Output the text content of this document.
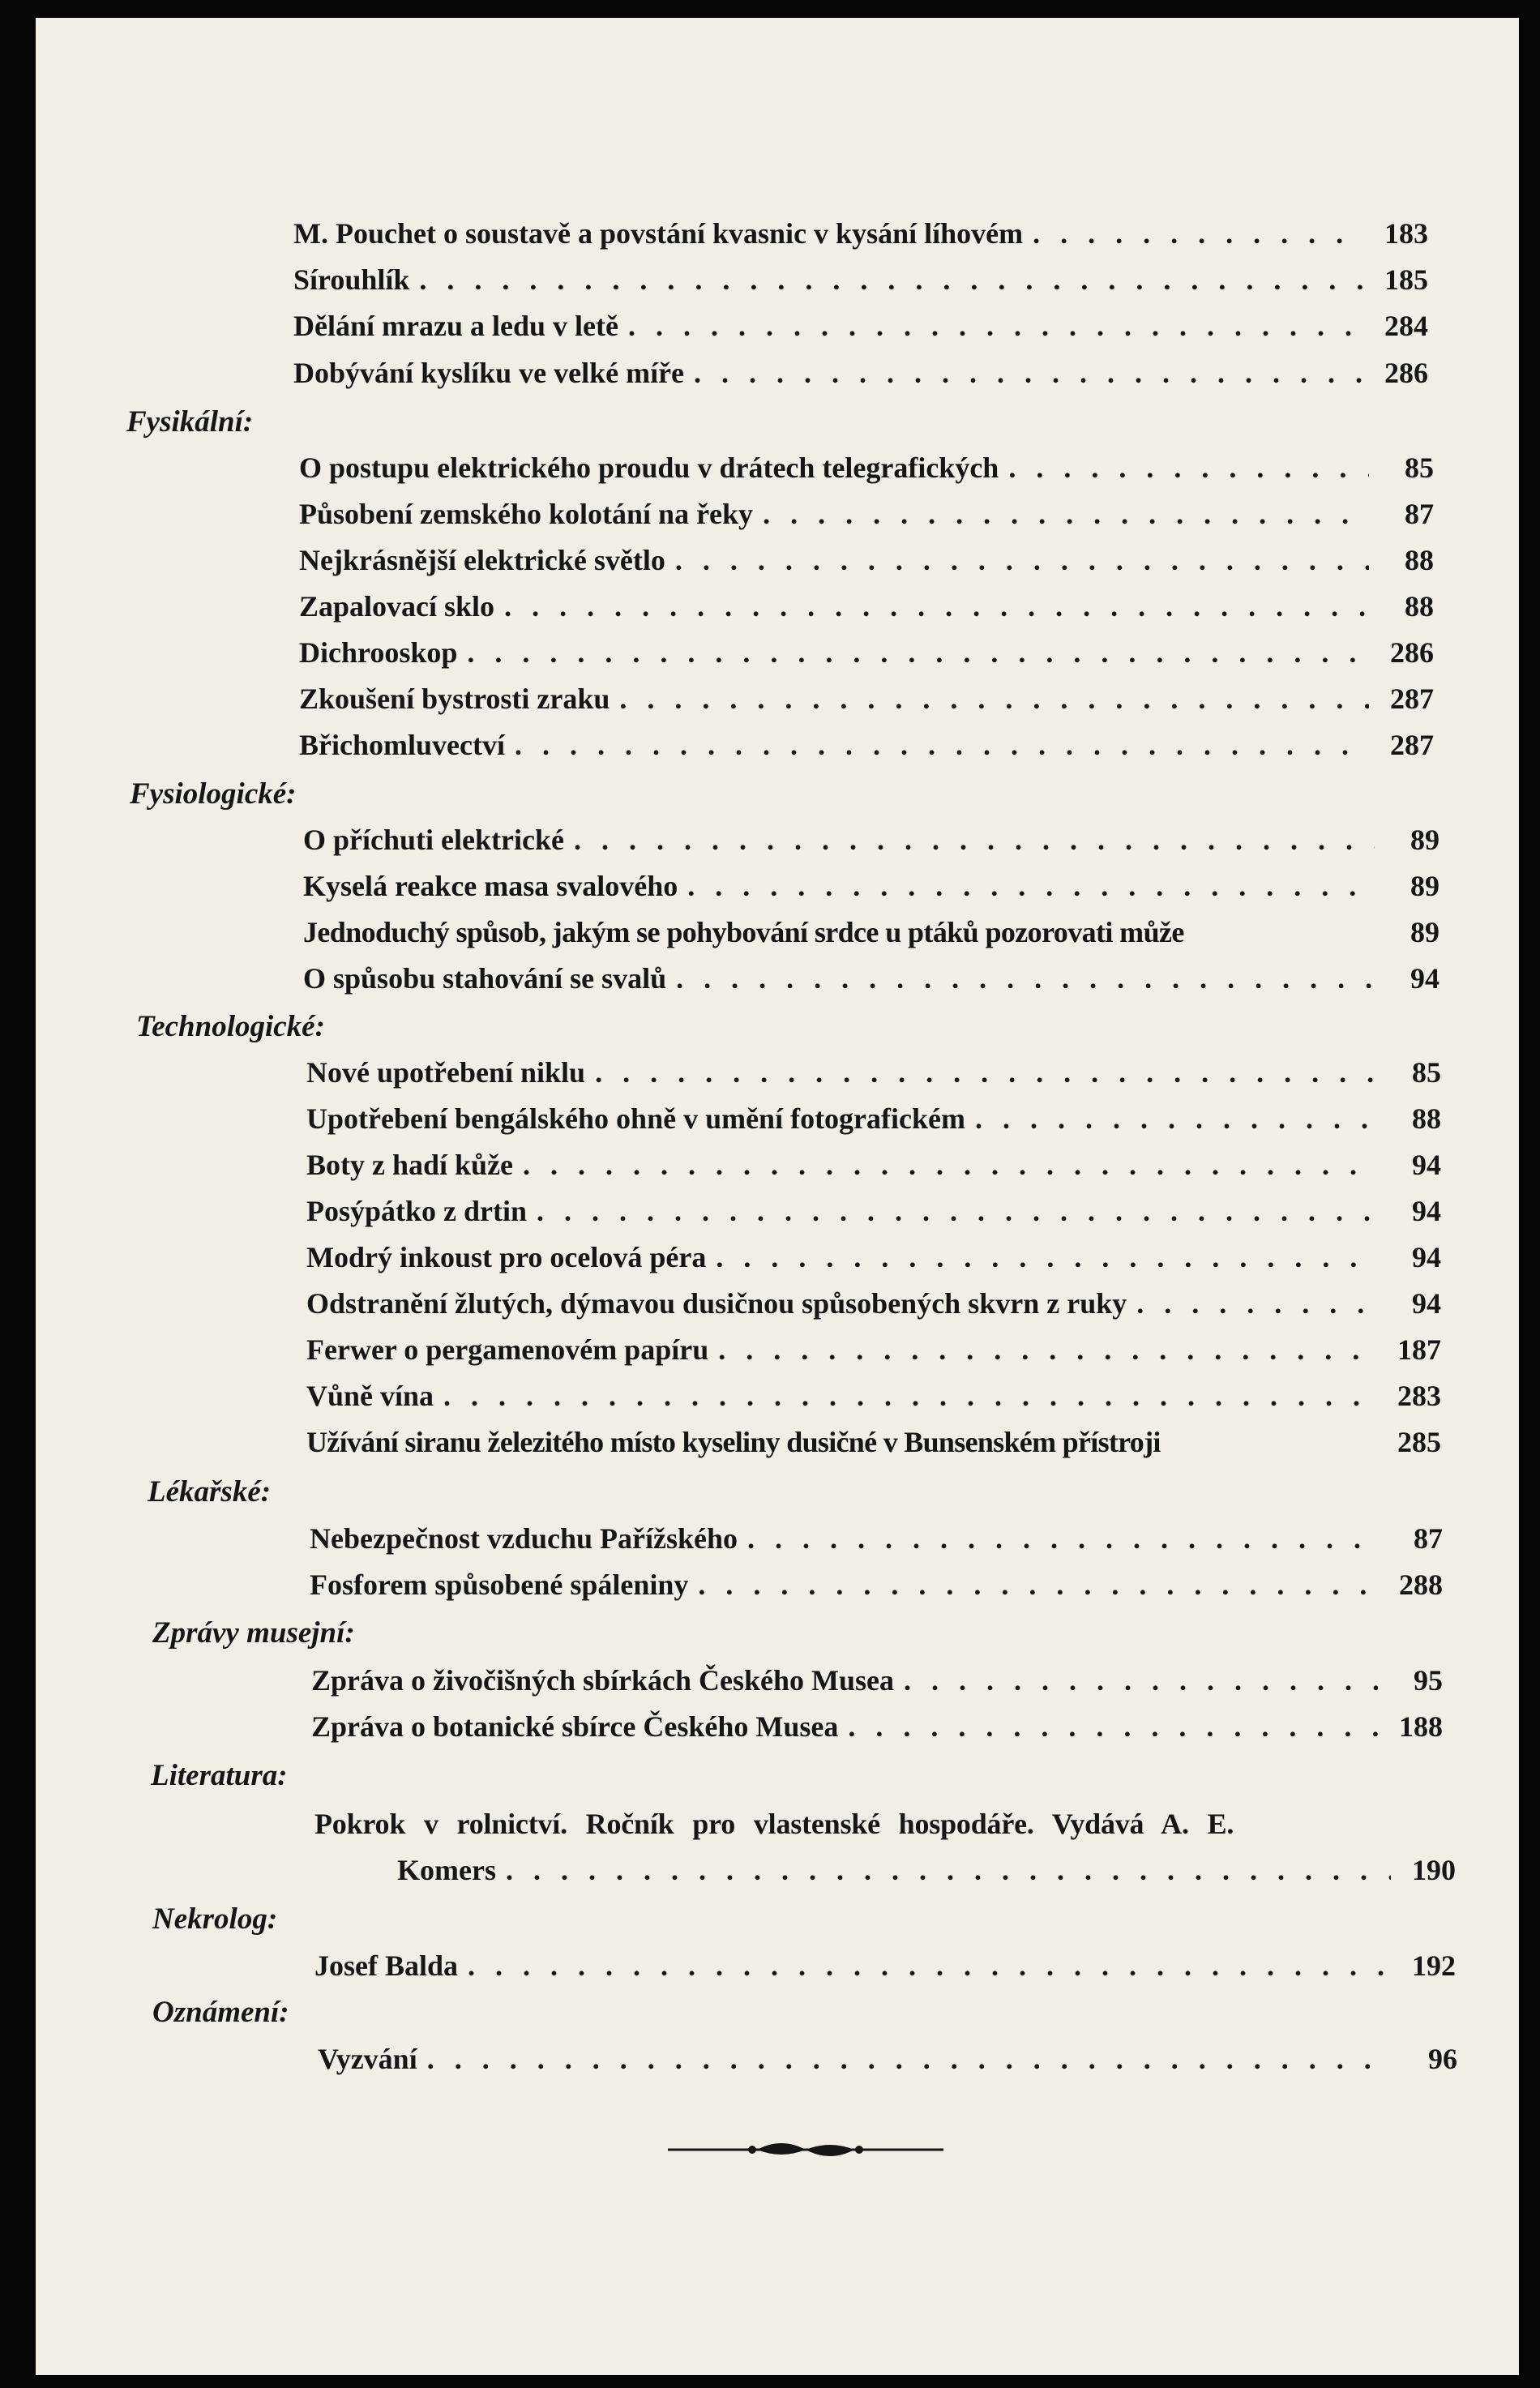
M. Pouchet o soustavě a povstání kvasnic v kysání líhovém . . .	183
Sírouhlík . . .	185
Dělání mrazu a ledu v letě . . .	284
Dobývání kyslíku ve velké míře . . .	286
Fysikální:
O postupu elektrického proudu v drátech telegrafických . . .	85
Působení zemského kolotání na řeky . . .	87
Nejkrásnější elektrické světlo . . .	88
Zapalovací sklo . . .	88
Dichrooskop . . .	286
Zkoušení bystrosti zraku . . .	287
Břichomluvectví . . .	287
Fysiologické:
O příchuti elektrické . . .	89
Kyselá reakce masa svalového . . .	89
Jednoduchý spůsob, jakým se pohybování srdce u ptáků pozorovati může	89
O spůsobu stahování se svalů . . .	94
Technologické:
Nové upotřebení niklu . . .	85
Upotřebení bengálského ohně v umění fotografickém . . .	88
Boty z hadí kůže . . .	94
Posýpátko z drtin . . .	94
Modrý inkoust pro ocelová péra . . .	94
Odstranění žlutých, dýmavou dusičnou spůsobených skvrn z ruky . . .	94
Ferwer o pergamenovém papíru . . .	187
Vůně vína . . .	283
Užívání siranu železitého místo kyseliny dusičné v Bunsenském přístroji	285
Lékařské:
Nebezpečnost vzduchu Pařížského . . .	87
Fosforem spůsobené spáleniny . . .	288
Zprávy musejní:
Zpráva o živočišných sbírkách Českého Musea . . .	95
Zpráva o botanické sbírce Českého Musea . . .	188
Literatura:
Pokrok v rolnictví. Ročník pro vlastenské hospodáře. Vydává A. E.
Komers . . .	190
Nekrolog:
Josef Balda . . .	192
Oznámení:
Vyzvání . . .	96
